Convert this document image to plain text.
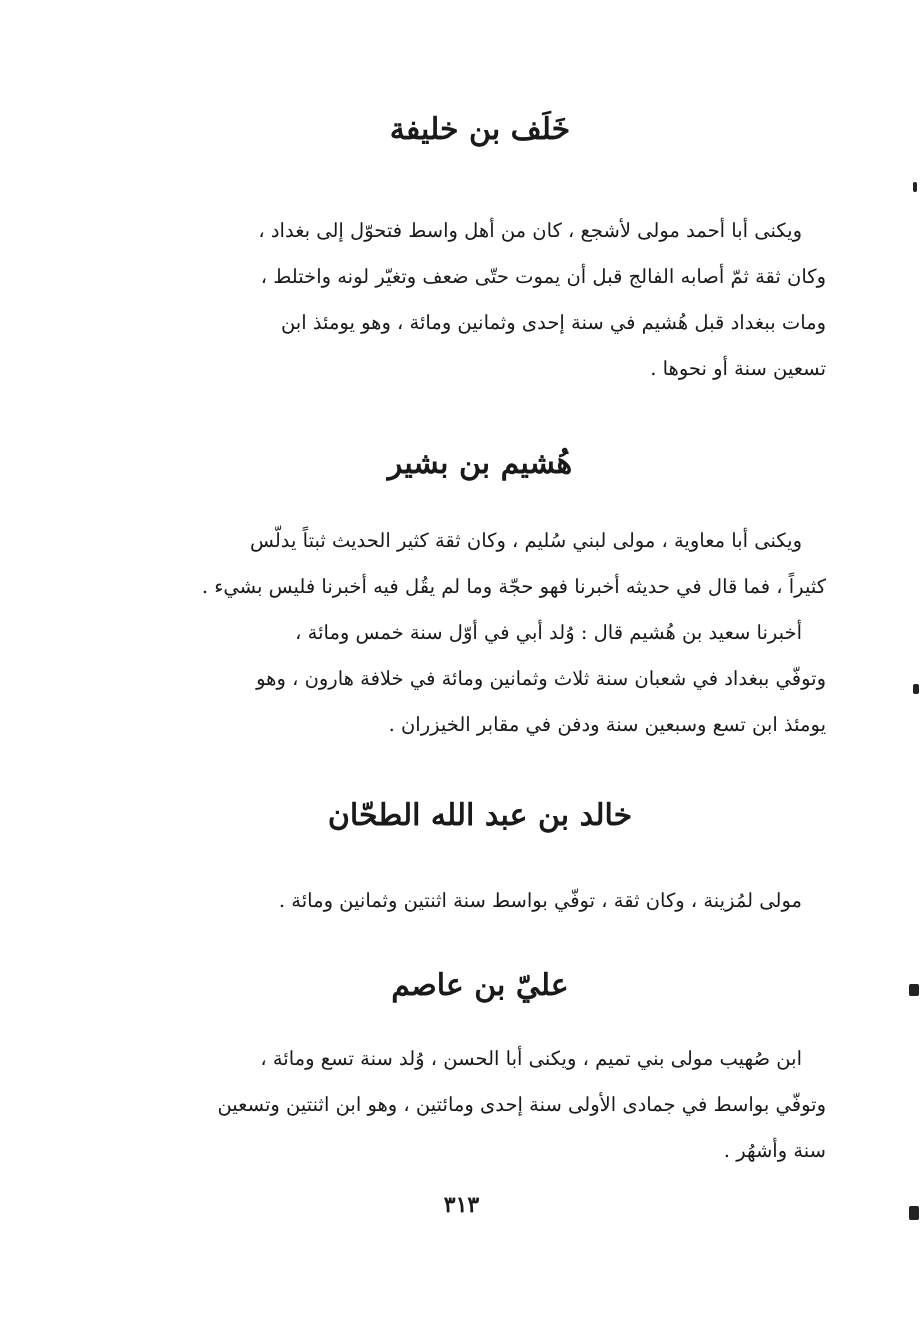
خَلَف بن خليفة
ويكنى أبا أحمد مولى لأشجع ، كان من أهل واسط فتحوّل إلى بغداد ،
وكان ثقة ثمّ أصابه الفالج قبل أن يموت حتّى ضعف وتغيّر لونه واختلط ،
ومات ببغداد قبل هُشيم في سنة إحدى وثمانين ومائة ، وهو يومئذ ابن
تسعين سنة أو نحوها .
هُشيم بن بشير
ويكنى أبا معاوية ، مولى لبني سُليم ، وكان ثقة كثير الحديث ثبتاً يدلّس
كثيراً ، فما قال في حديثه أخبرنا فهو حجّة وما لم يقُل فيه أخبرنا فليس بشيء .
أخبرنا سعيد بن هُشيم قال : وُلد أبي في أوّل سنة خمس ومائة ،
وتوفّي ببغداد في شعبان سنة ثلاث وثمانين ومائة في خلافة هارون ، وهو
يومئذ ابن تسع وسبعين سنة ودفن في مقابر الخيزران .
خالد بن عبد الله الطحّان
مولى لمُزينة ، وكان ثقة ، توفّي بواسط سنة اثنتين وثمانين ومائة .
عليّ بن عاصم
ابن صُهيب مولى بني تميم ، ويكنى أبا الحسن ، وُلد سنة تسع ومائة ،
وتوفّي بواسط في جمادى الأولى سنة إحدى ومائتين ، وهو ابن اثنتين وتسعين
سنة وأشهُر .
٣١٣
